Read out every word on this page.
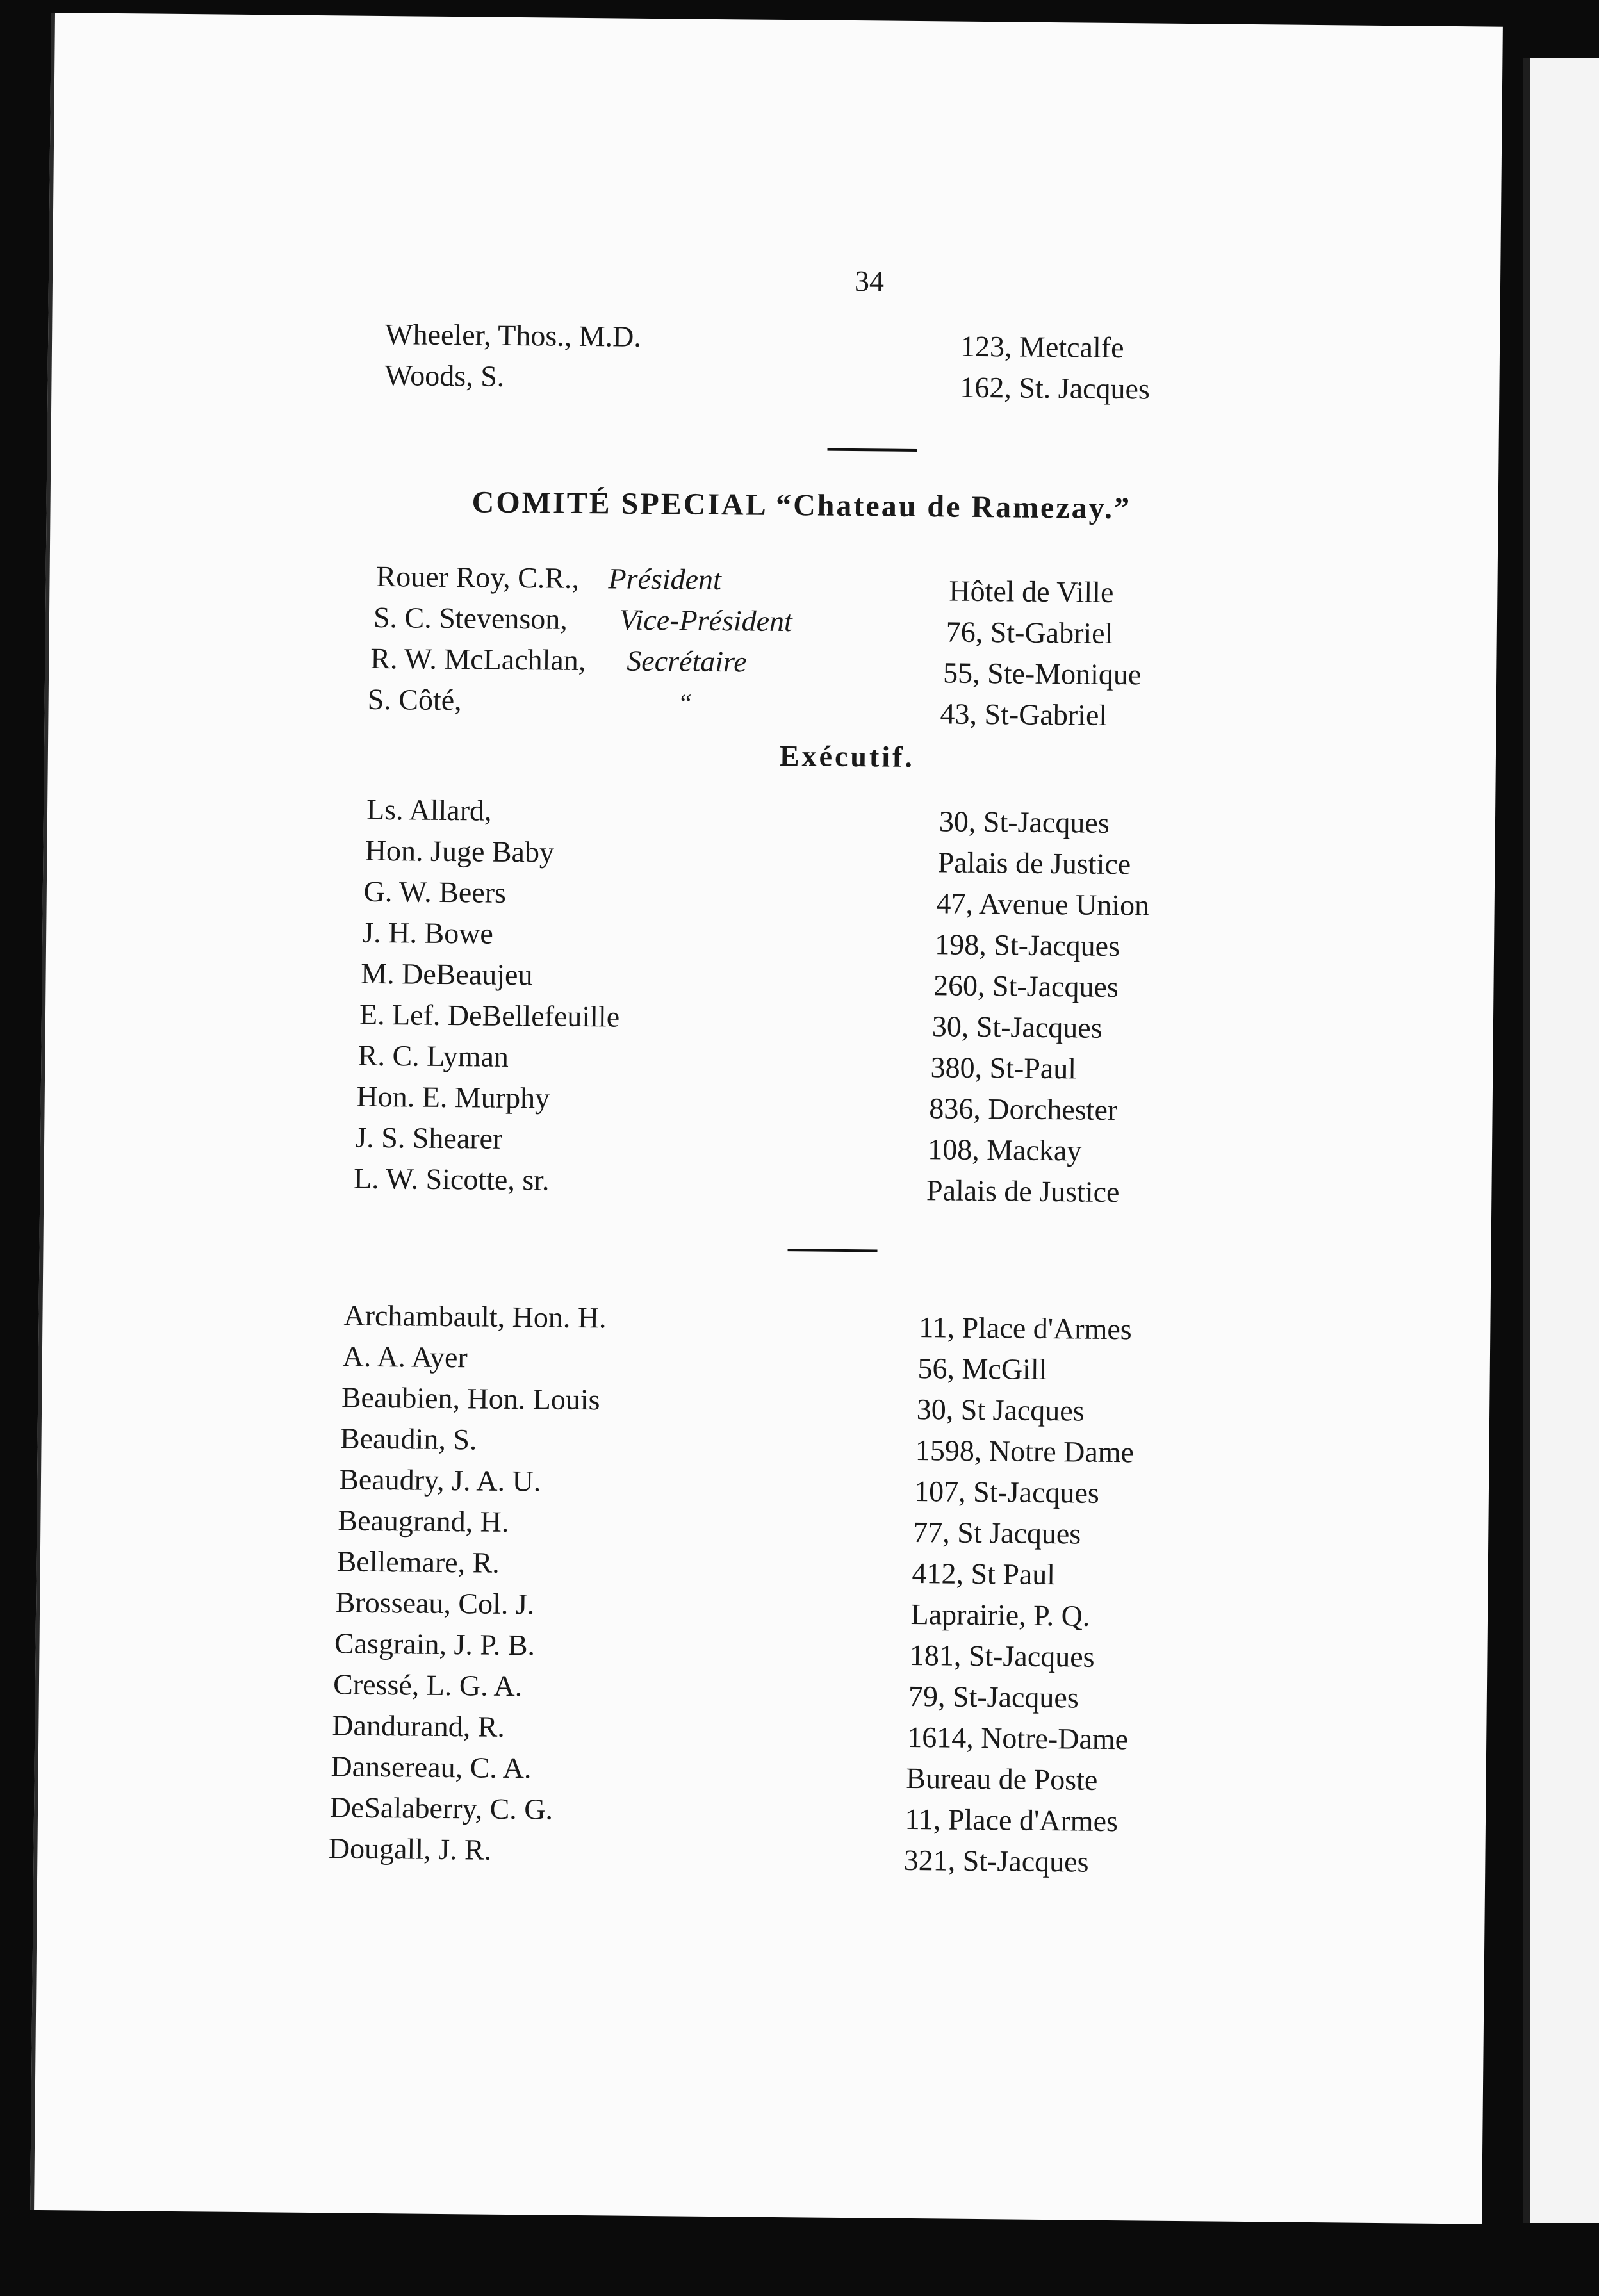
34
Wheeler, Thos., M.D.	123, Metcalfe
Woods, S.	162, St. Jacques
COMITÉ SPECIAL “Chateau de Ramezay.”
Rouer Roy, C.R., Président	Hôtel de Ville
S. C. Stevenson, Vice-Président	76, St-Gabriel
R. W. McLachlan, Secrétaire	55, Ste-Monique
S. Côté,	“	43, St-Gabriel
Exécutif.
Ls. Allard,	30, St-Jacques
Hon. Juge Baby	Palais de Justice
G. W. Beers	47, Avenue Union
J. H. Bowe	198, St-Jacques
M. DeBeaujeu	260, St-Jacques
E. Lef. DeBellefeuille	30, St-Jacques
R. C. Lyman	380, St-Paul
Hon. E. Murphy	836, Dorchester
J. S. Shearer	108, Mackay
L. W. Sicotte, sr.	Palais de Justice
Archambault, Hon. H.	11, Place d'Armes
A. A. Ayer	56, McGill
Beaubien, Hon. Louis	30, St Jacques
Beaudin, S.	1598, Notre Dame
Beaudry, J. A. U.	107, St-Jacques
Beaugrand, H.	77, St Jacques
Bellemare, R.	412, St Paul
Brosseau, Col. J.	Laprairie, P. Q.
Casgrain, J. P. B.	181, St-Jacques
Cressé, L. G. A.	79, St-Jacques
Dandurand, R.	1614, Notre-Dame
Dansereau, C. A.	Bureau de Poste
DeSalaberry, C. G.	11, Place d'Armes
Dougall, J. R.	321, St-Jacques
